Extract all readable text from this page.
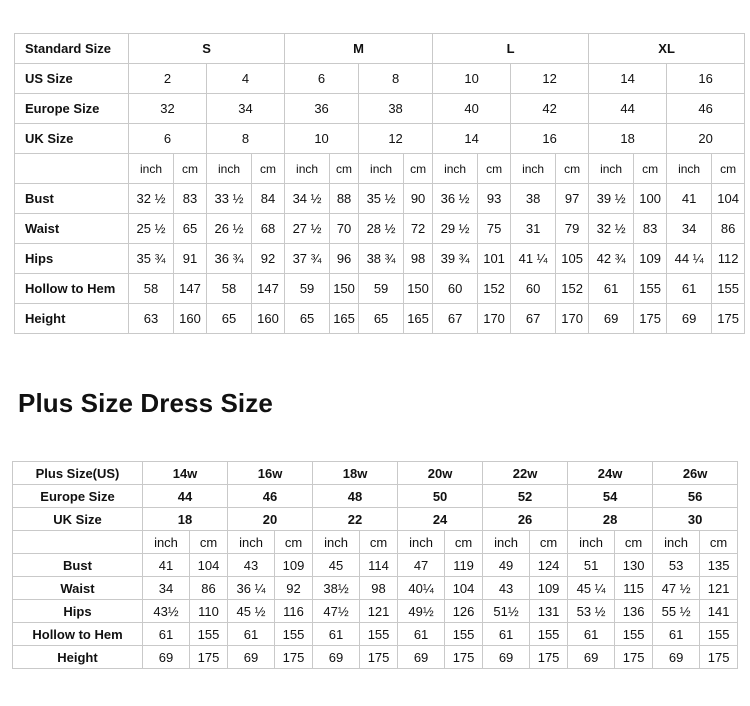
Standard Size	S				M				L				XL			
US Size	2		4		6		8		10		12		14		16	
Europe Size	32		34		36		38		40		42		44		46	
UK Size	6		8		10		12		14		16		18		20	
	inch	cm	inch	cm	inch	cm	inch	cm	inch	cm	inch	cm	inch	cm	inch	cm
Bust	32 ½	83	33 ½	84	34 ½	88	35 ½	90	36 ½	93	38	97	39 ½	100	41	104
Waist	25 ½	65	26 ½	68	27 ½	70	28 ½	72	29 ½	75	31	79	32 ½	83	34	86
Hips	35 ¾	91	36 ¾	92	37 ¾	96	38 ¾	98	39 ¾	101	41 ¼	105	42 ¾	109	44 ¼	112
Hollow to Hem	58	147	58	147	59	150	59	150	60	152	60	152	61	155	61	155
Height	63	160	65	160	65	165	65	165	67	170	67	170	69	175	69	175
Plus Size Dress Size
Plus Size(US)	14w		16w		18w		20w		22w		24w		26w	
Europe Size	44		46		48		50		52		54		56	
UK Size	18		20		22		24		26		28		30	
	inch	cm	inch	cm	inch	cm	inch	cm	inch	cm	inch	cm	inch	cm
Bust	41	104	43	109	45	114	47	119	49	124	51	130	53	135
Waist	34	86	36 ¼	92	38½	98	40¼	104	43	109	45 ¼	115	47 ½	121
Hips	43½	110	45 ½	116	47½	121	49½	126	51½	131	53 ½	136	55 ½	141
Hollow to Hem	61	155	61	155	61	155	61	155	61	155	61	155	61	155
Height	69	175	69	175	69	175	69	175	69	175	69	175	69	175
